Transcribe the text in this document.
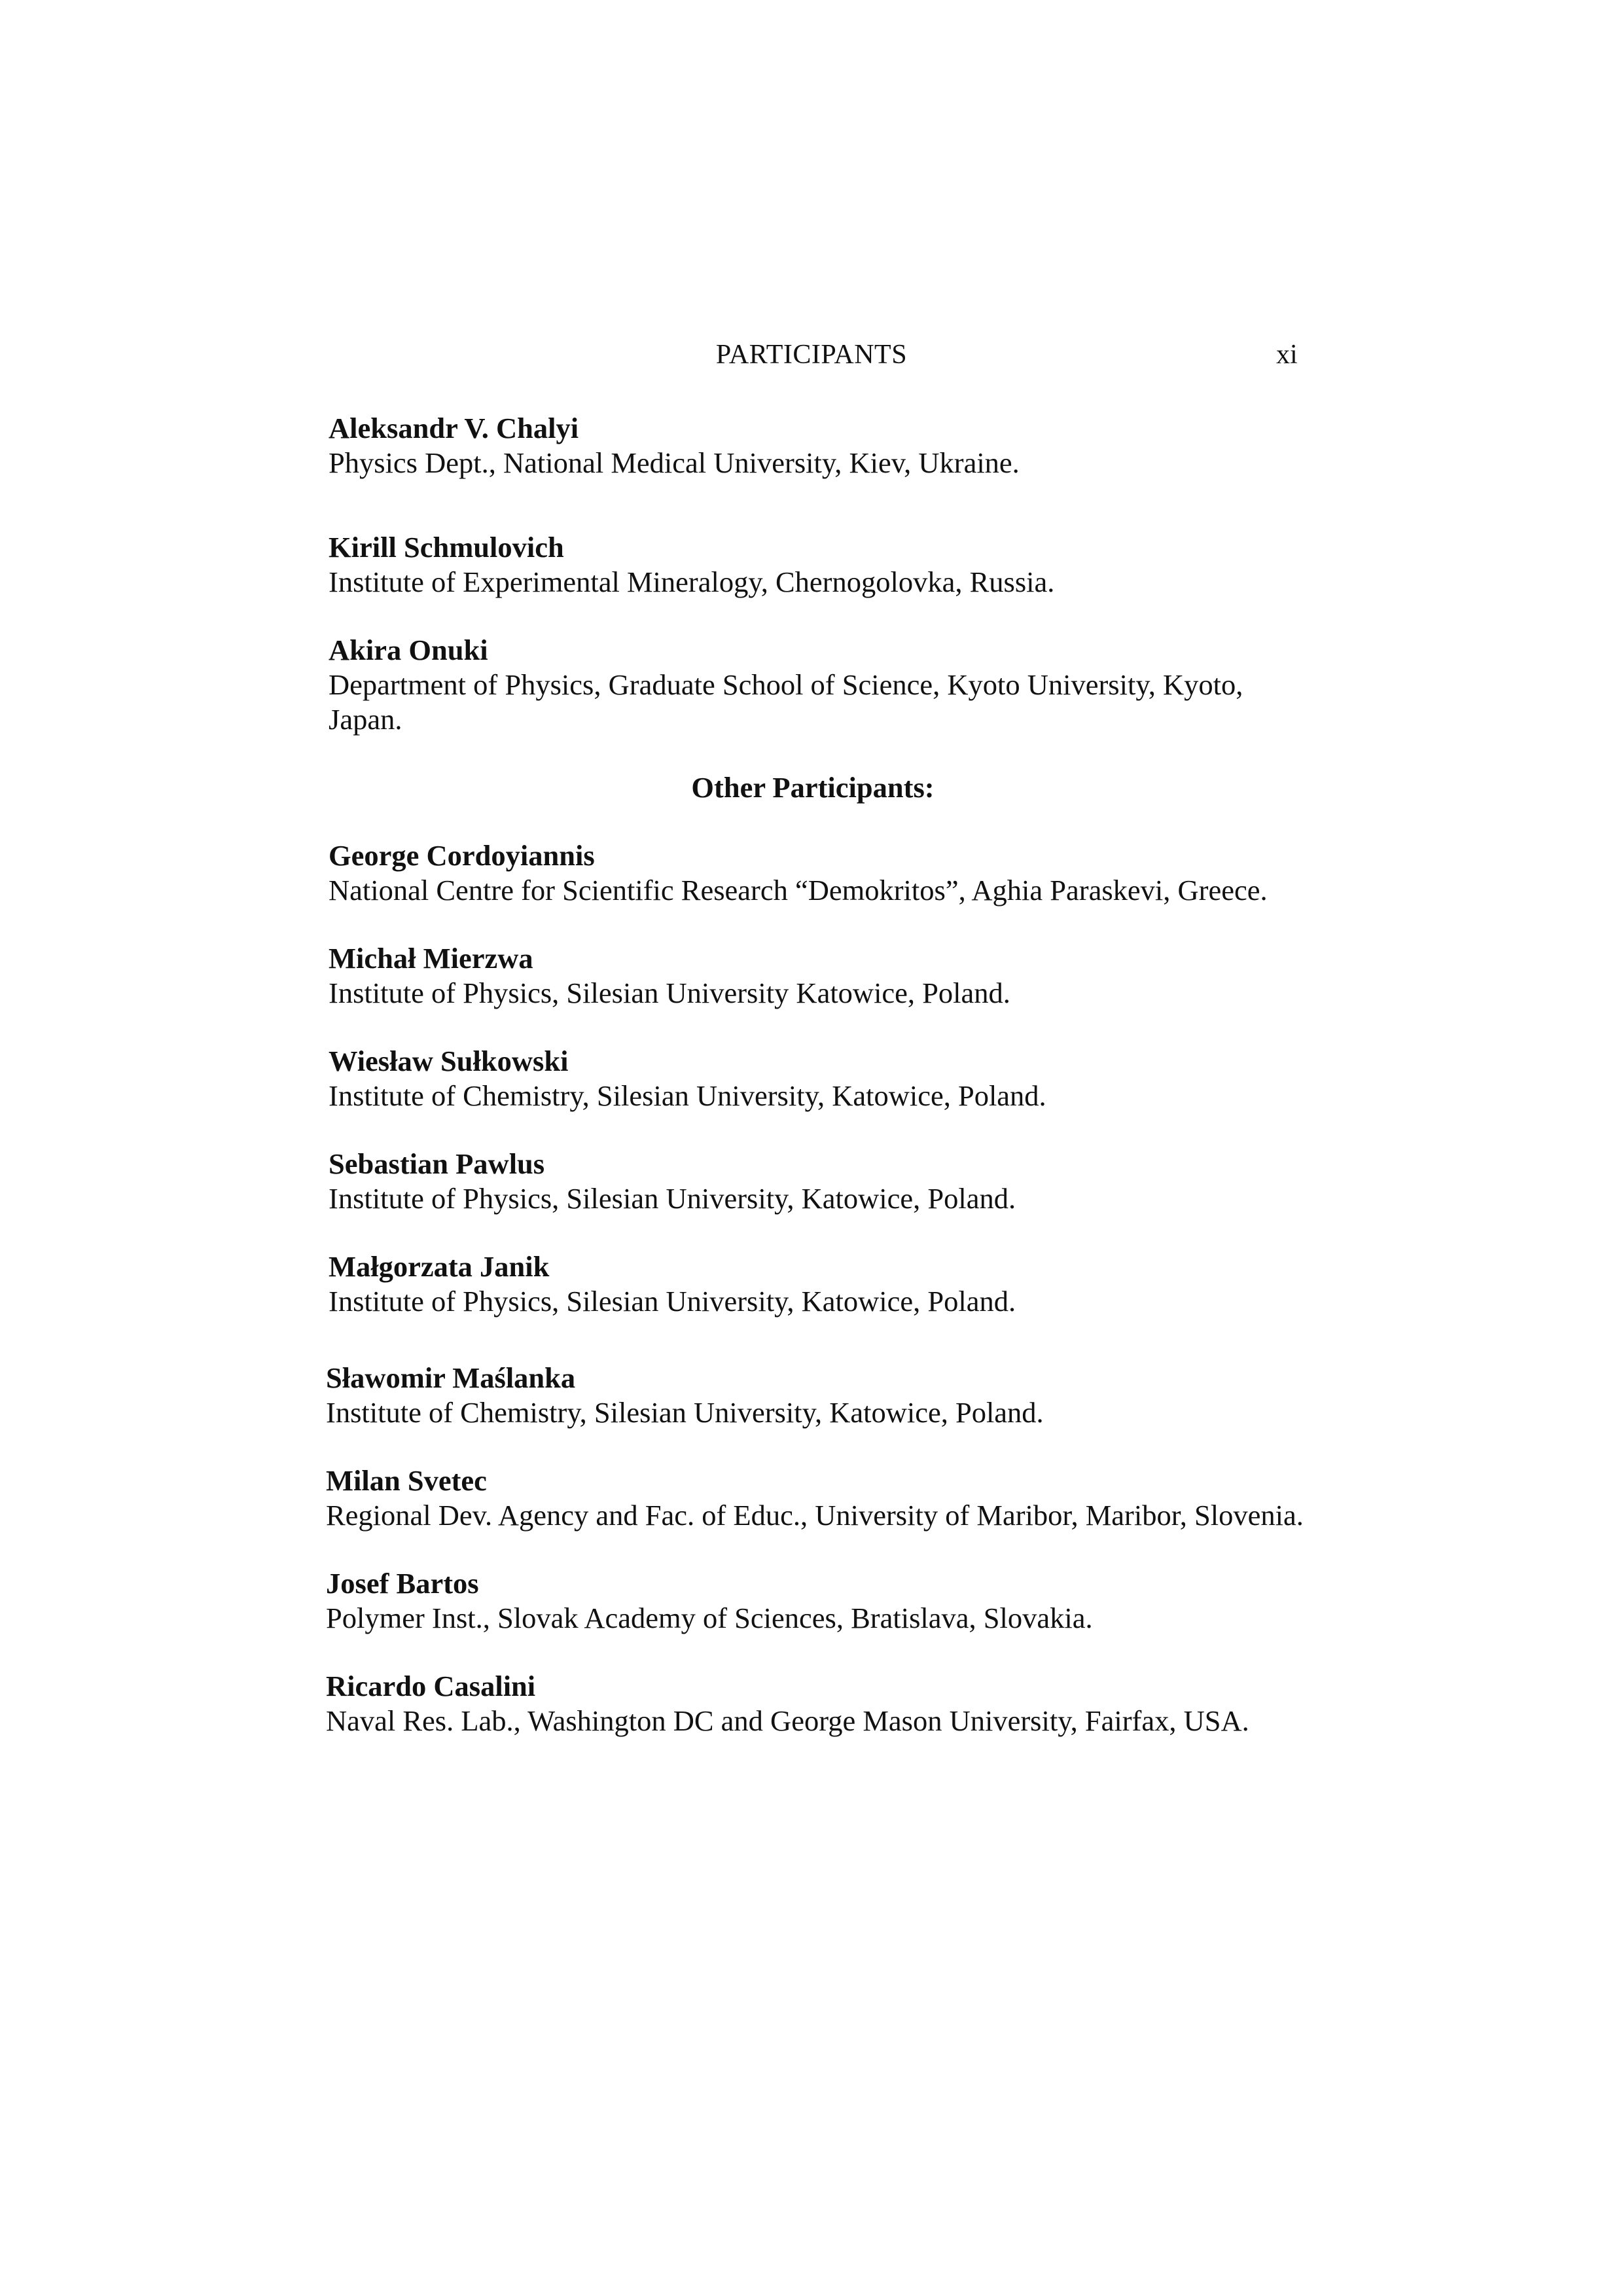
PARTICIPANTS	xi
Aleksandr V. Chalyi
Physics Dept., National Medical University, Kiev, Ukraine.
Kirill Schmulovich
Institute of Experimental Mineralogy, Chernogolovka, Russia.
Akira Onuki
Department of Physics, Graduate School of Science, Kyoto University, Kyoto, Japan.
Other Participants:
George Cordoyiannis
National Centre for Scientific Research “Demokritos”, Aghia Paraskevi, Greece.
Michał Mierzwa
Institute of Physics, Silesian University Katowice, Poland.
Wiesław Sułkowski
Institute of Chemistry, Silesian University, Katowice, Poland.
Sebastian Pawlus
Institute of Physics, Silesian University, Katowice, Poland.
Małgorzata Janik
Institute of Physics, Silesian University, Katowice, Poland.
Sławomir Maślanka
Institute of Chemistry, Silesian University, Katowice, Poland.
Milan Svetec
Regional Dev. Agency and Fac. of Educ., University of Maribor, Maribor, Slovenia.
Josef Bartos
Polymer Inst., Slovak Academy of Sciences, Bratislava, Slovakia.
Ricardo Casalini
Naval Res. Lab., Washington DC and George Mason University, Fairfax, USA.
